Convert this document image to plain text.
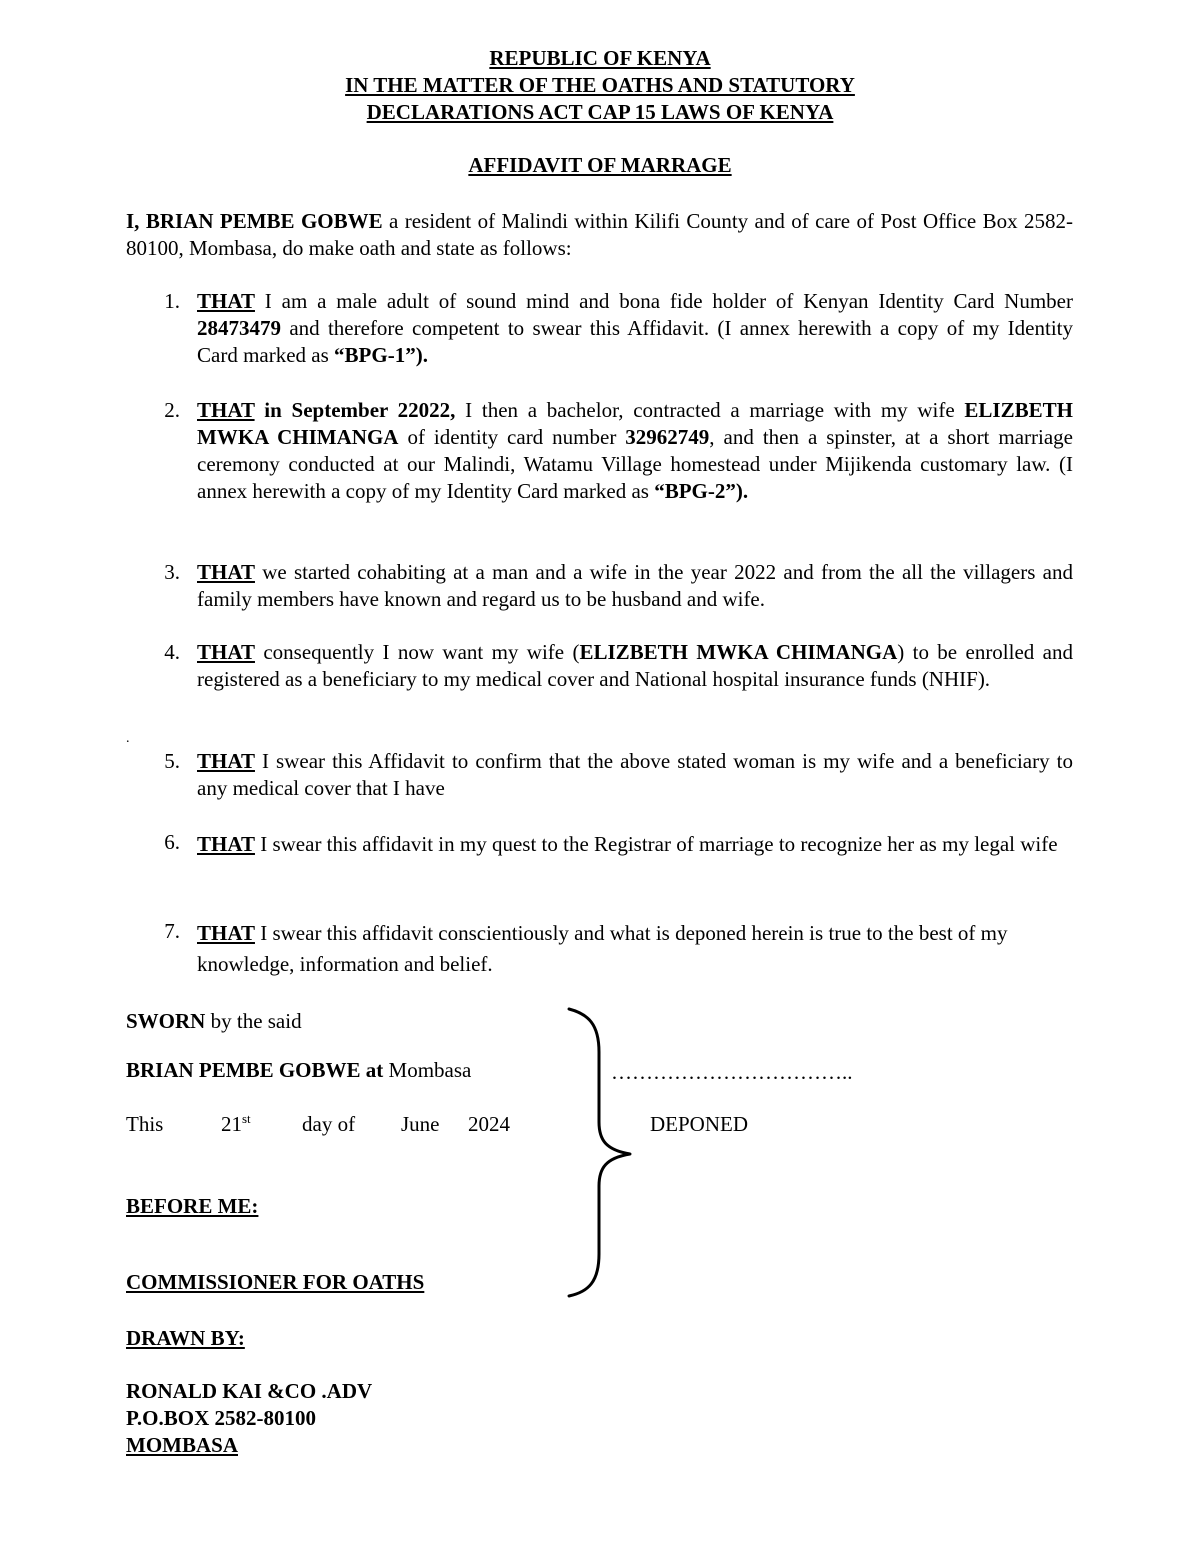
REPUBLIC OF KENYA
IN THE MATTER OF THE OATHS AND STATUTORY
DECLARATIONS ACT CAP 15 LAWS OF KENYA
AFFIDAVIT OF MARRAGE
I, BRIAN PEMBE GOBWE a resident of Malindi within Kilifi County and of care of Post Office Box 2582-80100, Mombasa, do make oath and state as follows:
1. THAT I am a male adult of sound mind and bona fide holder of Kenyan Identity Card Number 28473479 and therefore competent to swear this Affidavit. (I annex herewith a copy of my Identity Card marked as “BPG-1”).
2. THAT in September 22022, I then a bachelor, contracted a marriage with my wife ELIZBETH MWKA CHIMANGA of identity card number 32962749, and then a spinster, at a short marriage ceremony conducted at our Malindi, Watamu Village homestead under Mijikenda customary law. (I annex herewith a copy of my Identity Card marked as “BPG-2”).
3. THAT we started cohabiting at a man and a wife in the year 2022 and from the all the villagers and family members have known and regard us to be husband and wife.
4. THAT consequently I now want my wife (ELIZBETH MWKA CHIMANGA) to be enrolled and registered as a beneficiary to my medical cover and National hospital insurance funds (NHIF).
.
5. THAT I swear this Affidavit to confirm that the above stated woman is my wife and a beneficiary to any medical cover that I have
6. THAT I swear this affidavit in my quest to the Registrar of marriage to recognize her as my legal wife
7. THAT I swear this affidavit conscientiously and what is deponed herein is true to the best of my knowledge, information and belief.
SWORN by the said
BRIAN PEMBE GOBWE at Mombasa
This	21st day of June 2024
BEFORE ME:
COMMISSIONER FOR OATHS
……………………………..
DEPONED
DRAWN BY:
RONALD KAI &CO .ADV
P.O.BOX 2582-80100
MOMBASA
